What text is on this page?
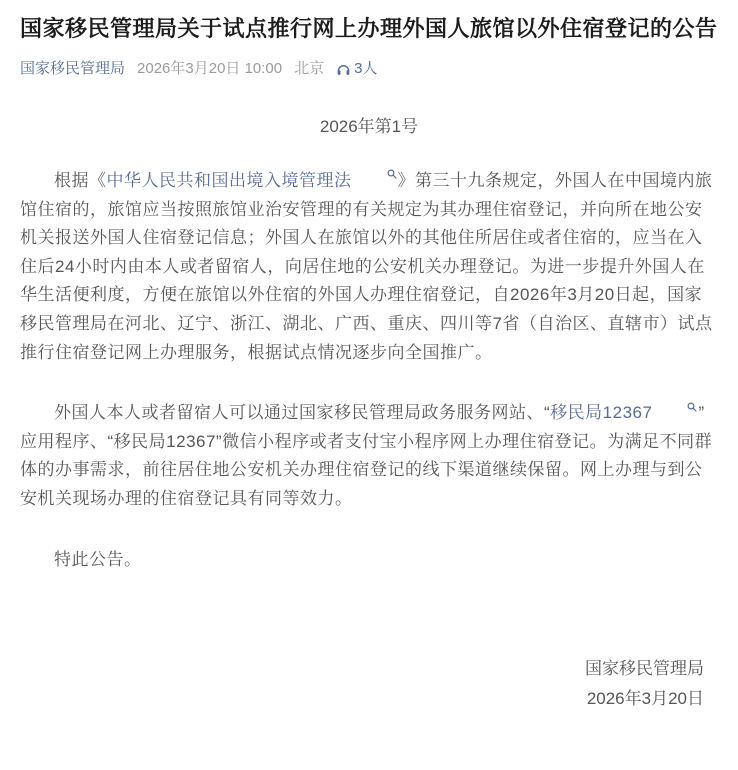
国家移民管理局关于试点推行网上办理外国人旅馆以外住宿登记的公告
国家移民管理局 2026年3月20日 10:00 北京 3人

2026年第1号

根据《中华人民共和国出境入境管理法	》第三十九条规定，外国人在中国境内旅馆住宿的，旅馆应当按照旅馆业治安管理的有关规定为其办理住宿登记，并向所在地公安机关报送外国人住宿登记信息；外国人在旅馆以外的其他住所居住或者住宿的，应当在入住后24小时内由本人或者留宿人，向居住地的公安机关办理登记。为进一步提升外国人在华生活便利度，方便在旅馆以外住宿的外国人办理住宿登记，自2026年3月20日起，国家移民管理局在河北、辽宁、浙江、湖北、广西、重庆、四川等7省（自治区、直辖市）试点推行住宿登记网上办理服务，根据试点情况逐步向全国推广。

外国人本人或者留宿人可以通过国家移民管理局政务服务网站、“移民局12367	”应用程序、“移民局12367”微信小程序或者支付宝小程序网上办理住宿登记。为满足不同群体的办事需求，前往居住地公安机关办理住宿登记的线下渠道继续保留。网上办理与到公安机关现场办理的住宿登记具有同等效力。

特此公告。

国家移民管理局
2026年3月20日
